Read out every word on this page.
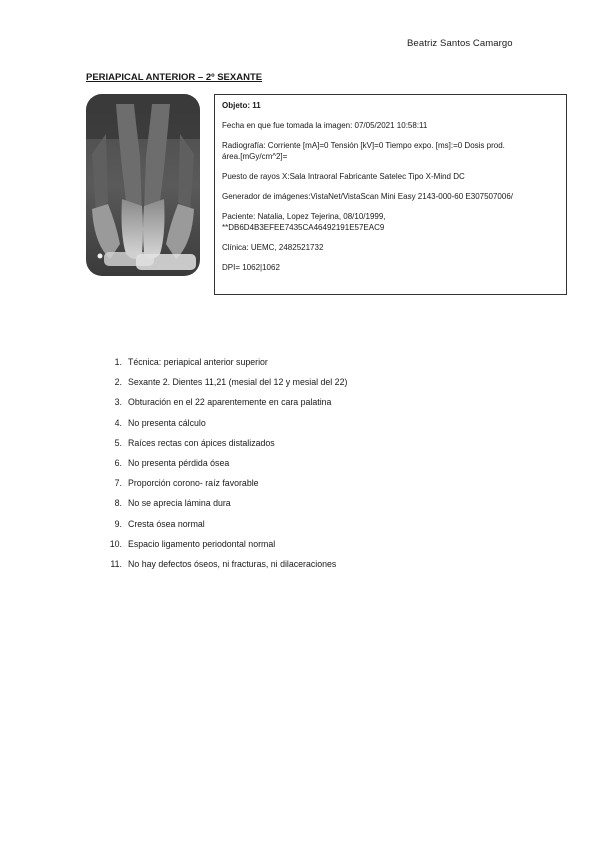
Beatriz Santos Camargo
PERIAPICAL ANTERIOR – 2º SEXANTE

Objeto: 11

Fecha en que fue tomada la imagen: 07/05/2021 10:58:11

Radiografía: Corriente [mA]=0 Tensión [kV]=0 Tiempo expo. [ms]:=0 Dosis prod.
área.[mGy/cm^2]=

Puesto de rayos X:Sala Intraoral Fabricante Satelec Tipo X-Mind DC

Generador de imágenes:VistaNet/VistaScan Mini Easy 2143-000-60 E307507006/

Paciente: Natalia, Lopez Tejerina, 08/10/1999,
**DB6D4B3EFEE7435CA46492191E57EAC9

Clínica: UEMC, 2482521732

DPI= 1062|1062

1. Técnica: periapical anterior superior
2. Sexante 2. Dientes 11,21 (mesial del 12 y mesial del 22)
3. Obturación en el 22 aparentemente en cara palatina
4. No presenta cálculo
5. Raíces rectas con ápices distalizados
6. No presenta pérdida ósea
7. Proporción corono- raíz favorable
8. No se aprecia lámina dura
9. Cresta ósea normal
10. Espacio ligamento periodontal normal
11. No hay defectos óseos, ni fracturas, ni dilaceraciones
